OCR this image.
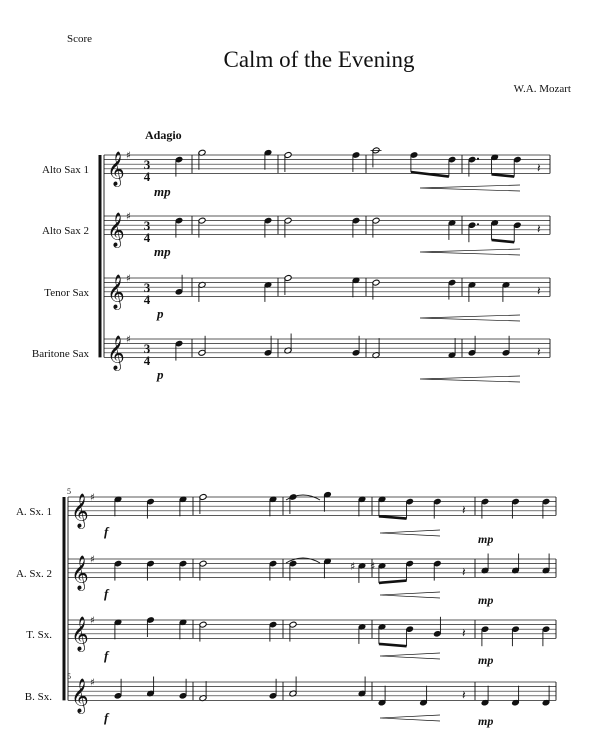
Score
Calm of the Evening
W.A. Mozart
Adagio
Alto Sax 1
Alto Sax 2
Tenor Sax
Baritone Sax
3
4
3
4
3
4
3
4
mp
mp
p
p
5
5
A. Sx. 1
A. Sx. 2
T. Sx.
B. Sx.
f
f
f
f
mp
mp
mp
mp
𝄞 ♯
𝄞 ♯
𝄞 ♯
𝄞 ♯
𝄽
𝄽
𝄽
𝄽
𝄞 ♯
𝄞 ♯
𝄞 ♯
𝄞 ♯
𝄽
♯ ♯	𝄽
𝄽
𝄽
